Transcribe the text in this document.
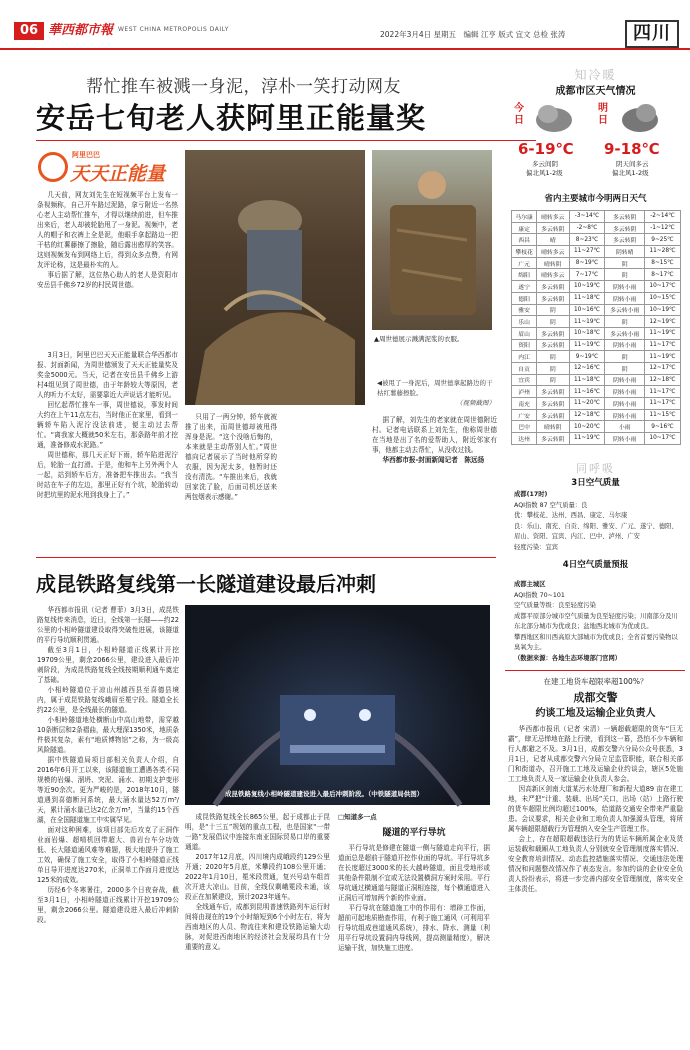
06 華西都市報 WEST CHINA METROPOLIS DAILY
2022年3月4日 星期五　编辑 江亨 版式 宜文 总检 张涛	四川
帮忙推车被溅一身泥，淳朴一笑打动网友
安岳七旬老人获阿里正能量奖
阿里巴巴
天天正能量

几天前，网友刘先生在短视频平台上发布一条视频称，自己开车路过泥路，拿亏附近一名热心老人主动帮忙推车，才得以继续前进，但车推出来后，老人却被轮胎甩了一身泥。视频中，老人的帽子和衣裤上全是泥，他眼手拿起路边一把干枯的红薯藤擦了擦脸，随后露出憨厚的笑容。这则视频发布到网络上后，得到众多点赞，有网友评论称，这是最朴实的人。

事后据了解，这位热心助人的老人是资阳市安岳县千佛乡72岁的村民周世德。

3月3日，阿里巴巴天天正能量联合华西都市报、封面新闻，为周世德颁发了天天正能量奖及奖金5000元。当天，记者在安岳县千佛乡上游村4组见到了周世德，由于年龄较大等原因，老人的听力不太好，需要靠近大声说话才能听见。

回忆起帮忙推车一事，周世德说，事发时间大约在上午11点左右，当时他正在家里，看到一辆轿车陷入泥泞没法前进，便主动过去帮忙。“离我家大概就50米左右，那条路年前才挖通，准备修成水泥路。”

周世德称，那几天正好下雨，轿车陷进泥泞后，轮胎一直打滑。于是，他和车上另外两个人一起，站到轿车后方，准备把车推出去。“我当时站在车子的左边，那里正好有个坑，轮胎转动时把坑里的泥水甩到我身上了。”

▲周世德展示溅满泥浆的衣服。
◀被甩了一身泥后，周世德拿起路边的干枯红薯藤擦脸。
（视频截图）

只用了一两分钟，轿车就被推了出来，而周世德却被甩得浑身是泥。“这个没啥后悔的，本来就是主动帮别人忙。”周世德向记者展示了当时他所穿的衣服，因为泥太多，他暂时还没有清洗。“车推出来后，我就回家洗了脸，后面司机还送来两包烟表示感谢。”

据了解，刘先生的老家就在周世德附近村。记者电话联系上刘先生，他称周世德在当地是出了名的爱帮助人，附近邻家有事，他都主动去帮忙，从没收过钱。

华西都市报-封面新闻记者　陈远扬

知冷暖
成都市区天气情况
今日
6-19℃
多云间阴
偏北风1-2级
明日
9-18℃
阴天间多云
偏北风1-2级
省内主要城市今明两日天气
马尔康	晴转多云	-3~14℃	多云转阴	-2~14℃
康定	多云转阴	-2~8℃	多云转阴	-1~12℃
西昌	晴	8~23℃	多云转阴	9~25℃
攀枝花	晴转多云	11~27℃	阴转晴	11~28℃
广元	晴转阴	8~19℃	阴	8~15℃
绵阳	晴转多云	7~17℃	阴	8~17℃
遂宁	多云转阴	10~19℃	阴转小雨	10~17℃
德阳	多云转阴	11~18℃	阴转小雨	10~15℃
雅安	阴	10~16℃	多云转小雨	10~19℃
乐山	阴	11~19℃	阴	12~19℃
眉山	多云转阴	10~18℃	多云转小雨	11~19℃
资阳	多云转阴	11~19℃	阴转小雨	11~17℃
内江	阴	9~19℃	阴	11~19℃
自贡	阴	12~16℃	阴	12~17℃
宜宾	阴	11~18℃	阴转小雨	12~18℃
泸州	多云转阴	11~16℃	阴转小雨	11~17℃
南充	多云转阴	11~20℃	阴转小雨	11~17℃
广安	多云转阴	12~18℃	阴转小雨	11~15℃
巴中	晴转阴	10~20℃	小雨	9~16℃
达州	多云转阴	11~19℃	阴转小雨	10~17℃
同呼吸
3日空气质量
成都(17时)
AQI指数 87 空气质量：良
优：攀枝花、达州、西昌、康定、马尔康
良：乐山、南充、自贡、绵阳、雅安、广元、遂宁、德阳、眉山、资阳、宜宾、内江、巴中、泸州、广安
轻度污染：宜宾
4日空气质量预报
成都主城区
AQI指数 70~101
空气质量等级：良至轻度污染
成都平原部分城市空气质量为良至轻度污染；川南部分及川东北部分城市为优或良；盆地西北城市为优或良。
攀西地区和川西高原大部城市为优或良；全省首要污染物以臭氧为主。
（数据来源：各地生态环境部门官网）
成昆铁路复线第一长隧道建设最后冲刺

华西都市报讯（记者 曹菲）3月3日，成昆铁路复线传来消息，近日，全线第一长隧——约22公里的小相岭隧道建设取得突破性进展，该隧道的平行导坑顺利贯通。

截至3月1日，小相岭隧道正线累计开挖19709公里，剩余2066公里，建设进入最后冲刺阶段，为成昆铁路复线全线按期顺利通车奠定了基础。

小相岭隧道位于凉山州越西县至喜德县境内，属于成昆铁路复线峨眉至冕宁段。隧道全长约22公里，是全线最长的隧道。

小相岭隧道地处横断山中高山地带，需穿越10条断层和2条褶曲，最大埋深1350米，地质条件极其复杂，素有“地质博物馆”之称，为一级高风险隧道。

据中铁隧道局项目部相关负责人介绍，自2016年6月开工以来，该隧道施工遭遇各类不同规模的岩爆、溜坍、突泥、涌水、初期支护变形等近90余次。更为严峻的是，2018年10月，隧道遇到喜德断河系统，最大涌水量达52万m³/天，累计涌水量已达2亿余万m³，当量约15个西湖，在全国隧道施工中实属罕见。

面对这种困难，该项目部先后攻克了正洞作业面岩爆、超啃机回带超大、兽岩台车分功效低、长大隧道通风难等难题，极大地提升了施工工效，确保了施工安全，取得了小相岭隧道正线单日导开进度达270米，正洞单工作面月进度达125米的成效。

历经6个冬寒暑往，2000多个日夜奋战，截至3月1日，小相岭隧道正线累计开挖19709公里，剩余2066公里。隧道建设进入最后冲刺阶段。

成昆铁路复线小相岭隧道建设进入最后冲刺阶段。（中铁隧道局供图）

成昆铁路复线全长865公里，起于成都止于昆明，是“十三五”规划的重点工程，也是国家“一带一路”发展倡议中连接东南亚国际贸易口岸的重要通道。

2017年12月底，四川境内成峨段约129公里开通；2020年5月底，米攀段约108公里开通；2022年1月10日，冕米段贯通，复兴号动车组首次开进大凉山。目前，全线仅剩峨冕段未通，该段正在加紧建设，预计2023年通车。

全线通车后，成都到昆明普速铁路列车运行时间将由现在的19个小时缩短到6个小时左右，将为西南地区的人员、物流往来和建设铁路运输大动脉，对促进西南地区的经济社会发展均具有十分重要的意义。

□知道多一点
隧道的平行导坑

平行导坑是修建在隧道一侧与隧道走向平行，据道面总是超前于隧道开挖作业面的导坑。平行导坑多在长度超过3000米的长大越岭隧道，面且受地形或其他条件限制不宜或无法设置横洞方案时采用。平行导坑通过横通道与隧道正洞相连接，每个横通道进入正洞后可增加两个新的作业面。

平行导坑在隧道施工中的作用有：增辟工作面，超前可起地质勘查作用，有利于施工通风（可利用平行导坑组成巷道通风系统），排水、降水、测量（利用平行导坑设置洞内导线网，提高测量精度），解决运输干扰，加快施工进度。

在建工地货车超限率超100%？
成都交警
约谈工地及运输企业负责人

华西都市报讯（记者 宋清）一辆超载超限的货车“巨无霸”，肆无忌惮地在路上行驶，看到这一幕，恐怕不少车辆和行人都避之不及。3月1日，成都交警六分局公众号获悉，3月1日，记者从成都交警六分局立足监管职能，联合相关部门和街道办，召开施工工地及运输企业约谈会，辖区5处施工工地负责人及一家运输企业负责人参会。

因高新区剑南大道某污水处理厂和新程大道89 亩在建工地，未严把“计重、装载、出场”关口，出场（站）上路行驶的货车超限比例均超过100%，给道路交通安全带来严重隐患。会议要求，相关企业和工地负责人加强源头管理，将所属车辆超限超载行为管理纳入安全生产管理工作。

会上，存在超限超载违法行为的货运车辆所属企业及货运装载和载厢从工地负责人分别就安全管理制度落实情况、安全教育培训情况、动态监控措施落实情况、交通违法处理情况和问题整改情况作了表态发言。参加约谈的企业安全负责人纷纷表示，将进一步完善内部安全管理制度，落实安全主体责任。
